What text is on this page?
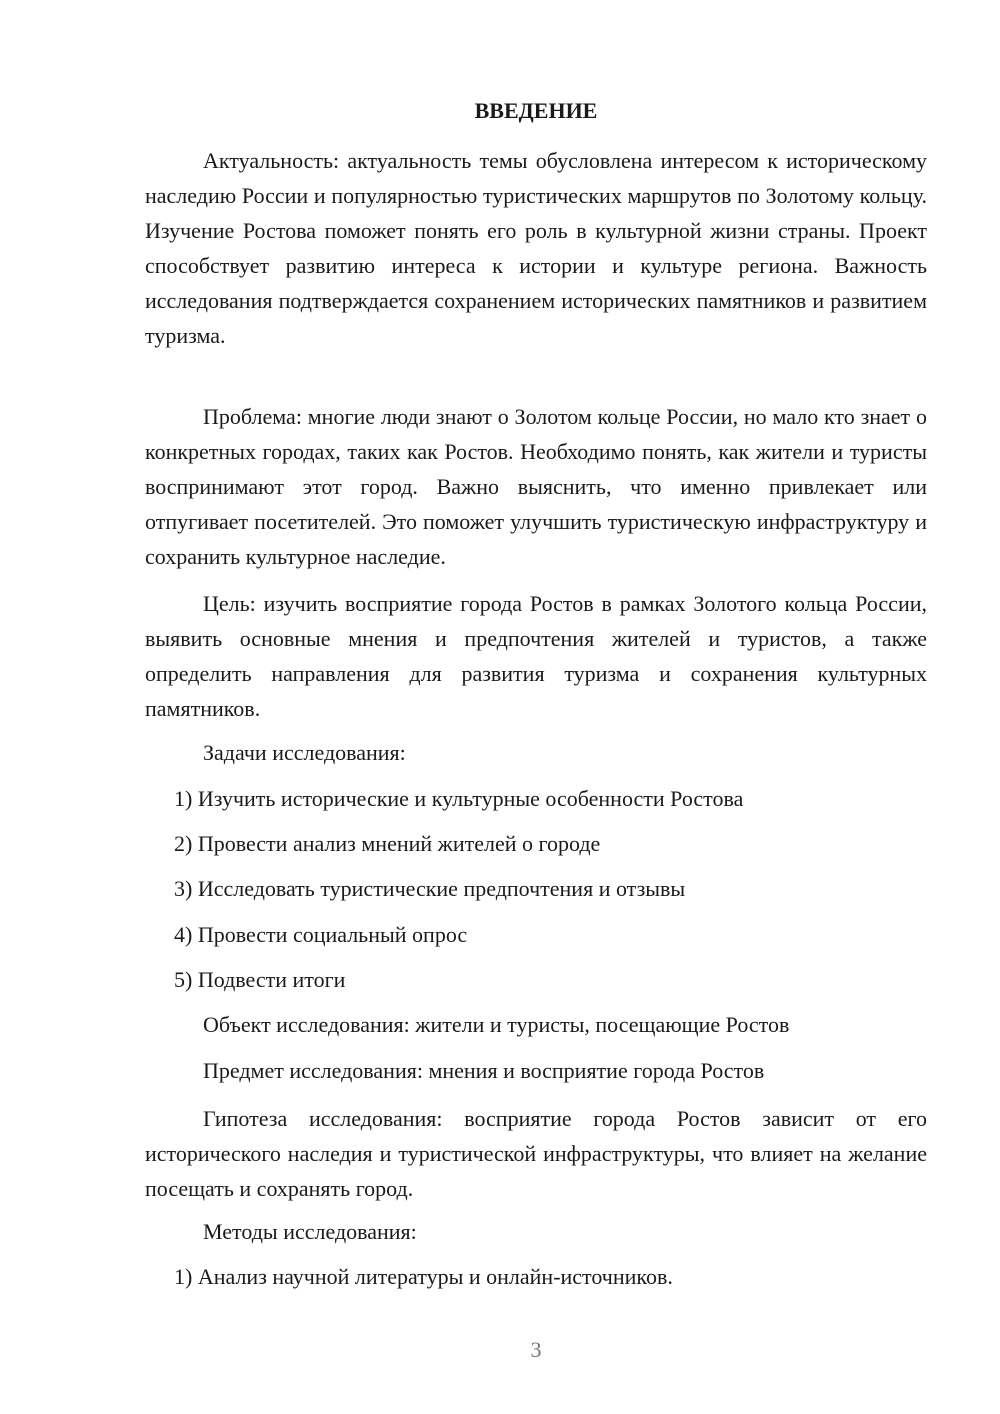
ВВЕДЕНИЕ

Актуальность: актуальность темы обусловлена интересом к историческому наследию России и популярностью туристических маршрутов по Золотому кольцу. Изучение Ростова поможет понять его роль в культурной жизни страны. Проект способствует развитию интереса к истории и культуре региона. Важность исследования подтверждается сохранением исторических памятников и развитием туризма.

Проблема: многие люди знают о Золотом кольце России, но мало кто знает о конкретных городах, таких как Ростов. Необходимо понять, как жители и туристы воспринимают этот город. Важно выяснить, что именно привлекает или отпугивает посетителей. Это поможет улучшить туристическую инфраструктуру и сохранить культурное наследие.

Цель: изучить восприятие города Ростов в рамках Золотого кольца России, выявить основные мнения и предпочтения жителей и туристов, а также определить направления для развития туризма и сохранения культурных памятников.

Задачи исследования:

1) Изучить исторические и культурные особенности Ростова

2) Провести анализ мнений жителей о городе

3) Исследовать туристические предпочтения и отзывы

4) Провести социальный опрос

5) Подвести итоги

Объект исследования: жители и туристы, посещающие Ростов

Предмет исследования: мнения и восприятие города Ростов

Гипотеза исследования: восприятие города Ростов зависит от его исторического наследия и туристической инфраструктуры, что влияет на желание посещать и сохранять город.

Методы исследования:

1) Анализ научной литературы и онлайн-источников.

3
